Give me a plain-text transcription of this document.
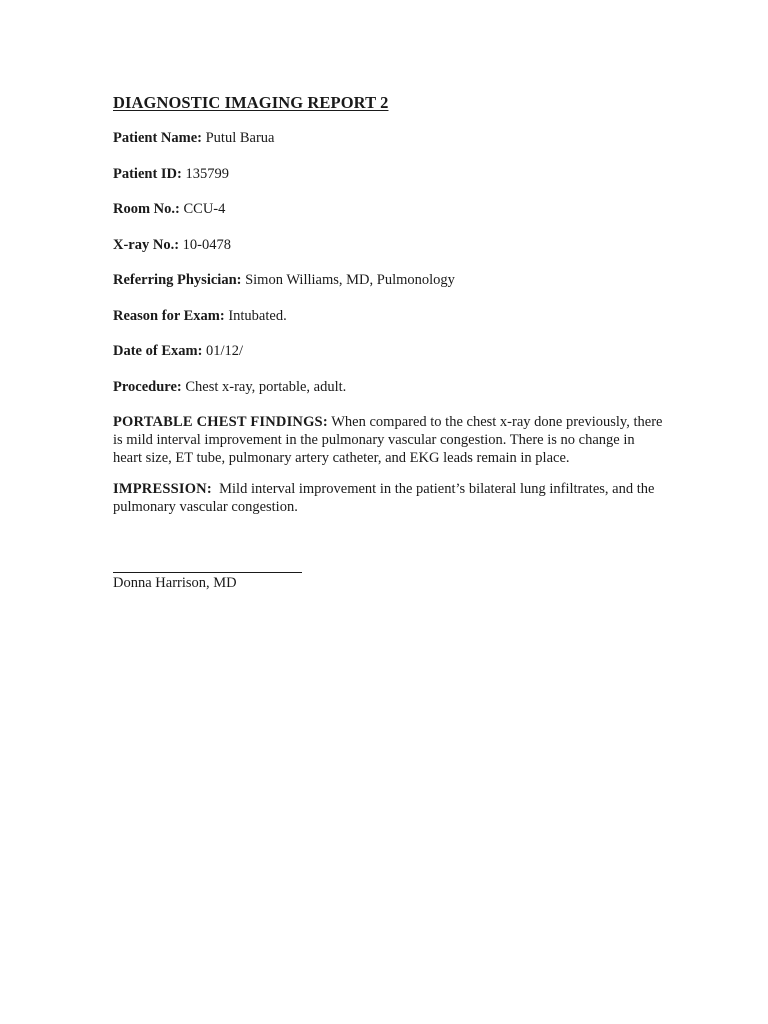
DIAGNOSTIC IMAGING REPORT 2
Patient Name: Putul Barua
Patient ID: 135799
Room No.: CCU-4
X-ray No.: 10-0478
Referring Physician: Simon Williams, MD, Pulmonology
Reason for Exam: Intubated.
Date of Exam: 01/12/
Procedure: Chest x-ray, portable, adult.
PORTABLE CHEST FINDINGS: When compared to the chest x-ray done previously, there is mild interval improvement in the pulmonary vascular congestion. There is no change in heart size, ET tube, pulmonary artery catheter, and EKG leads remain in place.
IMPRESSION: Mild interval improvement in the patient’s bilateral lung infiltrates, and the pulmonary vascular congestion.
Donna Harrison, MD
